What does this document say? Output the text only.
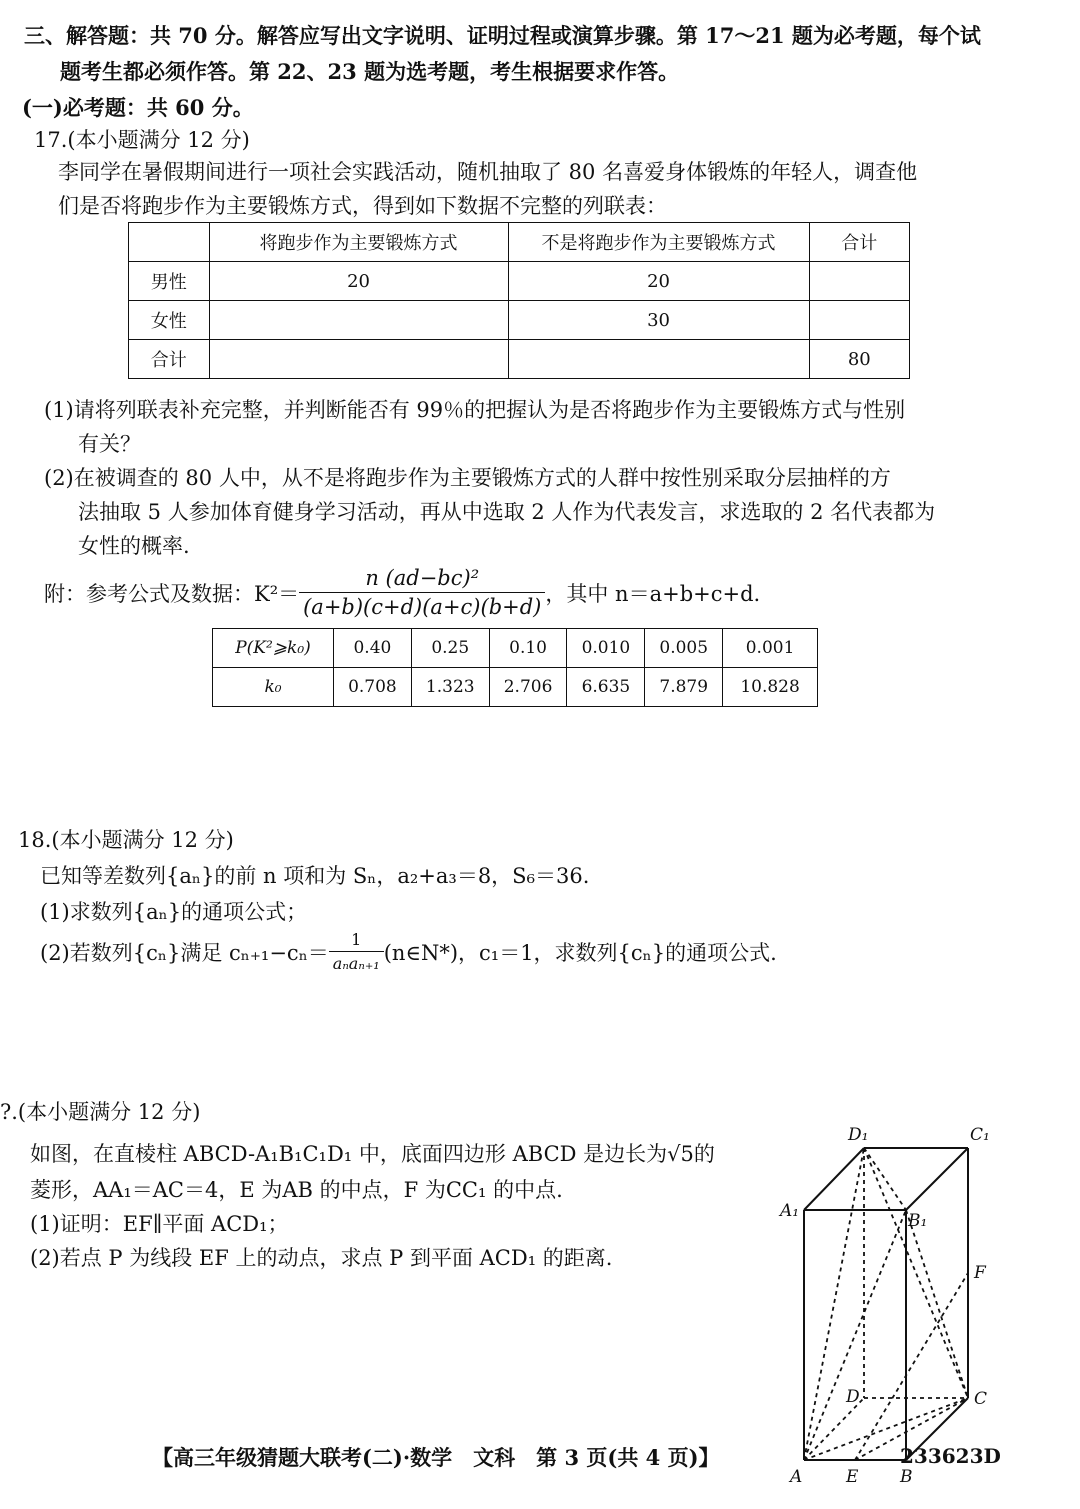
三、解答题：共 70 分。解答应写出文字说明、证明过程或演算步骤。第 17～21 题为必考题，每个试
题考生都必须作答。第 22、23 题为选考题，考生根据要求作答。
(一)必考题：共 60 分。
17.(本小题满分 12 分)
李同学在暑假期间进行一项社会实践活动，随机抽取了 80 名喜爱身体锻炼的年轻人，调查他
们是否将跑步作为主要锻炼方式，得到如下数据不完整的列联表：
	将跑步作为主要锻炼方式	不是将跑步作为主要锻炼方式	合计
男性	20	20	
女性		30	
合计			80
(1)请将列联表补充完整，并判断能否有 99％的把握认为是否将跑步作为主要锻炼方式与性别
有关？
(2)在被调查的 80 人中，从不是将跑步作为主要锻炼方式的人群中按性别采取分层抽样的方
法抽取 5 人参加体育健身学习活动，再从中选取 2 人作为代表发言，求选取的 2 名代表都为
女性的概率.
附：参考公式及数据：$K^2= \frac{\text{n (ad−bc)²}}{(a+b)(c+d)(a+c)(b+d)}$ ，其中 n＝a+b+c+d.
P(K²⩾k₀)	0.40	0.25	0.10	0.010	0.005	0.001
k₀	0.708	1.323	2.706	6.635	7.879	10.828
18.(本小题满分 12 分)
已知等差数列{aₙ}的前 n 项和为 Sₙ，a₂+a₃＝8，S₆＝36.
(1)求数列{aₙ}的通项公式；
(2)若数列{cₙ}满足 $c_{n+1}-c_n= \frac{1}{\text{aₙaₙ₊₁}}$ (n∈N*)，c₁＝1，求数列{cₙ}的通项公式.
?.(本小题满分 12 分)
如图，在直棱柱 ABCD-A₁B₁C₁D₁ 中，底面四边形 ABCD 是边长为√5的
菱形，AA₁＝AC＝4，E 为AB 的中点，F 为CC₁ 的中点.
(1)证明：EF∥平面 ACD₁；
(2)若点 P 为线段 EF 上的动点，求点 P 到平面 ACD₁ 的距离.
D₁	C₁
A₁	B₁
F
D	C
A	E B
【高三年级猜题大联考(二)·数学　文科　第 3 页(共 4 页)】	233623D
